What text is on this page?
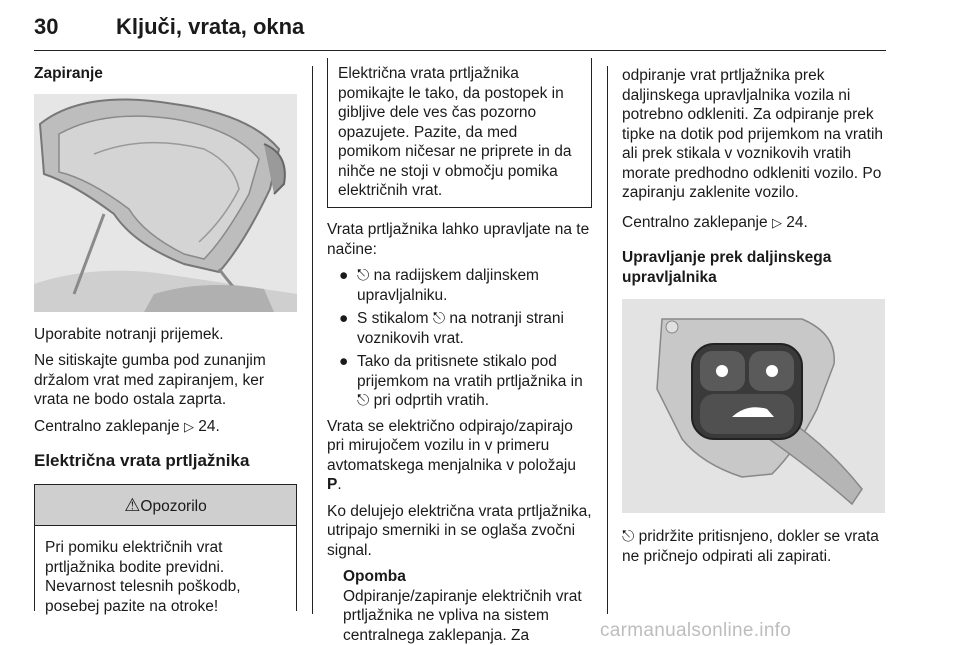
30	Ključi, vrata, okna
Zapiranje
Uporabite notranji prijemek.
Ne sitiskajte gumba pod zunanjim držalom vrat med zapiranjem, ker vrata ne bodo ostala zaprta.
Centralno zaklepanje ▷ 24.
Električna vrata prtljažnika
⚠Opozorilo
Pri pomiku električnih vrat prtljažnika bodite previdni. Nevarnost telesnih poškodb, posebej pazite na otroke!
Električna vrata prtljažnika pomikajte le tako, da postopek in gibljive dele ves čas pozorno opazujete. Pazite, da med pomikom ničesar ne priprete in da nihče ne stoji v območju pomika električnih vrat.
Vrata prtljažnika lahko upravljate na te načine:
● ⎋ na radijskem daljinskem upravljalniku.
● S stikalom ⎋ na notranji strani voznikovih vrat.
● Tako da pritisnete stikalo pod prijemkom na vratih prtljažnika in ⎋ pri odprtih vratih.
Vrata se električno odpirajo/zapirajo pri mirujočem vozilu in v primeru avtomatskega menjalnika v položaju P.
Ko delujejo električna vrata prtljažnika, utripajo smerniki in se oglaša zvočni signal.
Opomba
Odpiranje/zapiranje električnih vrat prtljažnika ne vpliva na sistem centralnega zaklepanja. Za
odpiranje vrat prtljažnika prek daljinskega upravljalnika vozila ni potrebno odkleniti. Za odpiranje prek tipke na dotik pod prijemkom na vratih ali prek stikala v voznikovih vratih morate predhodno odkleniti vozilo. Po zapiranju zaklenite vozilo.
Centralno zaklepanje ▷ 24.
Upravljanje prek daljinskega upravljalnika
⎋ pridržite pritisnjeno, dokler se vrata ne pričnejo odpirati ali zapirati.
carmanualsonline.info
